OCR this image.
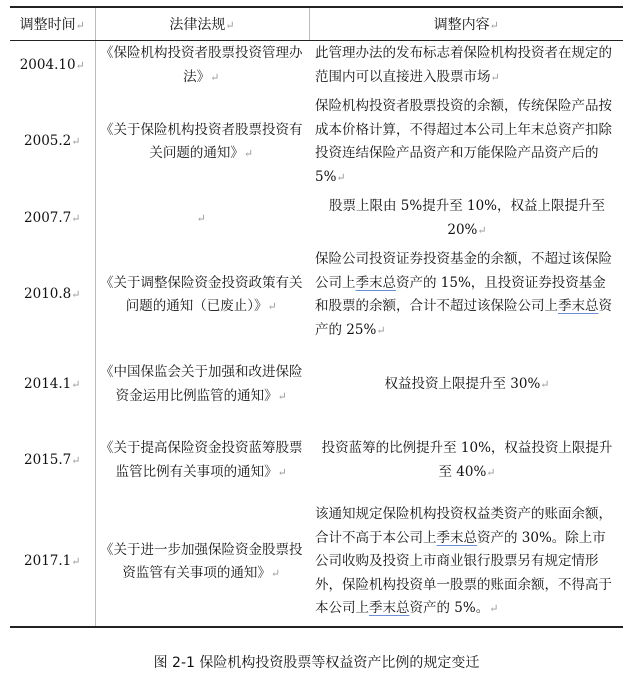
调整时间↵	法律法规↵	调整内容↵
2004.10↵	《保险机构投资者股票投资管理办法》↵	此管理办法的发布标志着保险机构投资者在规定的范围内可以直接进入股票市场↵
2005.2↵	《关于保险机构投资者股票投资有关问题的通知》↵	保险机构投资者股票投资的余额，传统保险产品按成本价格计算，不得超过本公司上年末总资产扣除投资连结保险产品资产和万能保险产品资产后的 5%↵
2007.7↵	↵	股票上限由 5%提升至 10%，权益上限提升至 20%↵
2010.8↵	《关于调整保险资金投资政策有关问题的通知（已废止）》↵	保险公司投资证券投资基金的余额，不超过该保险公司上季末总资产的 15%，且投资证券投资基金和股票的余额，合计不超过该保险公司上季末总资产的 25%↵
2014.1↵	《中国保监会关于加强和改进保险资金运用比例监管的通知》↵	权益投资上限提升至 30%↵
2015.7↵	《关于提高保险资金投资蓝筹股票监管比例有关事项的通知》↵	投资蓝筹的比例提升至 10%，权益投资上限提升至 40%↵
2017.1↵	《关于进一步加强保险资金股票投资监管有关事项的通知》↵	该通知规定保险机构投资权益类资产的账面余额，合计不高于本公司上季末总资产的 30%。除上市公司收购及投资上市商业银行股票另有规定情形外，保险机构投资单一股票的账面余额，不得高于本公司上季末总资产的 5%。↵
图 2-1 保险机构投资股票等权益资产比例的规定变迁
